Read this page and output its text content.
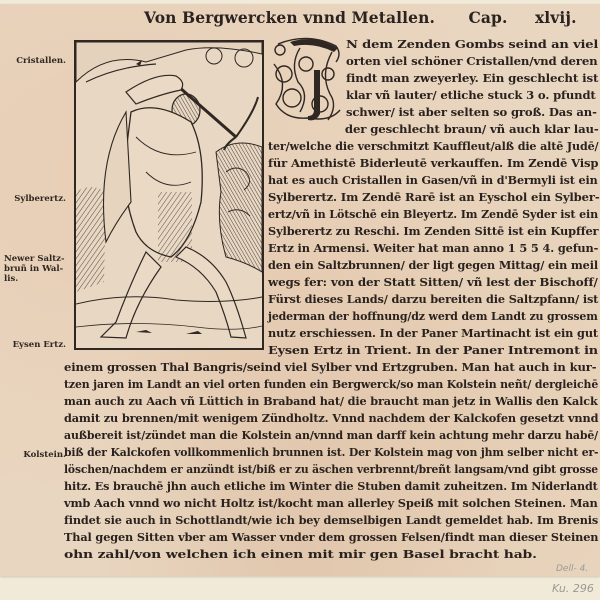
Von Bergwercken vnnd Metallen. Cap. xlvij.
Cristallen.
Sylberertz.
Newer Saltz-
bruñ in Wal-
lis.
Eysen Ertz.
Kolstein.
N dem Zenden Gombs seind an viel
orten viel schöner Cristallen/vnd deren
findt man zweyerley. Ein geschlecht ist
klar vñ lauter/ etliche stuck 3 o. pfundt
schwer/ ist aber selten so groß. Das an-
der geschlecht braun/ vñ auch klar lau-
ter/welche die verschmitzt Kauffleut/alß die altē Judē/
für Amethistē Biderleutē verkauffen. Im Zendē Visp
hat es auch Cristallen in Gasen/vñ in d'Bermyli ist ein
Sylberertz. Im Zendē Rarē ist an Eyschol ein Sylber-
ertz/vñ in Lötschē ein Bleyertz. Im Zendē Syder ist ein
Sylberertz zu Reschi. Im Zenden Sittē ist ein Kupffer
Ertz in Armensi. Weiter hat man anno 1 5 5 4. gefun-
den ein Saltzbrunnen/ der ligt gegen Mittag/ ein meil
wegs fer: von der Statt Sitten/ vñ lest der Bischoff/
Fürst dieses Lands/ darzu bereiten die Saltzpfann/ ist
jederman der hoffnung/dz werd dem Landt zu grossem
nutz erschiessen. In der Paner Martinacht ist ein gut
Eysen Ertz in Trient. In der Paner Intremont in
einem grossen Thal Bangris/seind viel Sylber vnd Ertzgruben. Man hat auch in kur-
tzen jaren im Landt an viel orten funden ein Bergwerck/so man Kolstein neñt/ dergleichē
man auch zu Aach vñ Lüttich in Braband hat/ die braucht man jetz in Wallis den Kalck
damit zu brennen/mit wenigem Zündholtz. Vnnd nachdem der Kalckofen gesetzt vnnd
außbereit ist/zündet man die Kolstein an/vnnd man darff kein achtung mehr darzu habē/
biß der Kalckofen vollkommenlich brunnen ist. Der Kolstein mag von jhm selber nicht er-
löschen/nachdem er anzündt ist/biß er zu äschen verbrennt/breñt langsam/vnd gibt grosse
hitz. Es brauchē jhn auch etliche im Winter die Stuben damit zuheitzen. Im Niderlandt
vmb Aach vnnd wo nicht Holtz ist/kocht man allerley Speiß mit solchen Steinen. Man
findet sie auch in Schottlandt/wie ich bey demselbigen Landt gemeldet hab. Im Brenis
Thal gegen Sitten vber am Wasser vnder dem grossen Felsen/findt man dieser Steinen
ohn zahl/von welchen ich einen mit mir gen Basel bracht hab.
Dell- 4.
Ku. 296
